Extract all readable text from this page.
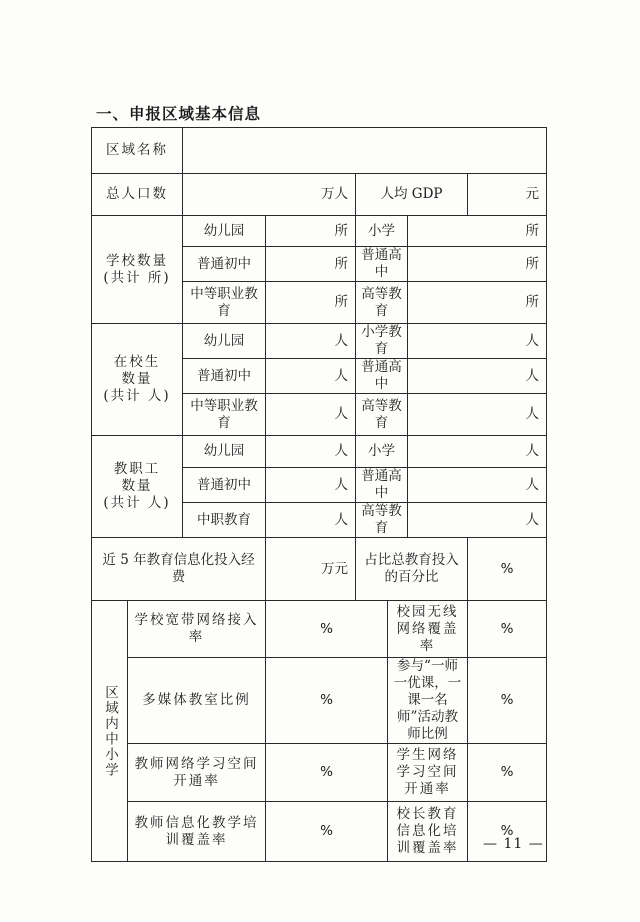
一、申报区域基本信息
区域名称							
总人口数		万人		人均 GDP			元

学校数量
(共计 所)		幼儿园	所	小学		所	
		普通初中	所	普通高中		所	
		中等职业教育	所	高等教育		所	

在校生
数量
(共计 人)		幼儿园	人	小学教育		人	
		普通初中	人	普通高中		人	
		中等职业教育	人	高等教育		人	

教职工
数量
(共计 人)		幼儿园	人	小学		人	
		普通初中	人	普通高中		人	
		中职教育	人	高等教育		人	
近 5 年教育信息化投入经费			万元	占比总教育投入的百分比			%

区域内中小学	学校宽带网络接入率		%		校园无线网络覆盖率		%
	多媒体教室比例		%		参与“一师一优课，一课一名师”活动教师比例		%
	教师网络学习空间开通率		%		学生网络学习空间开通率		%
	教师信息化教学培训覆盖率		%		校长教育信息化培训覆盖率		%
— 11 —
